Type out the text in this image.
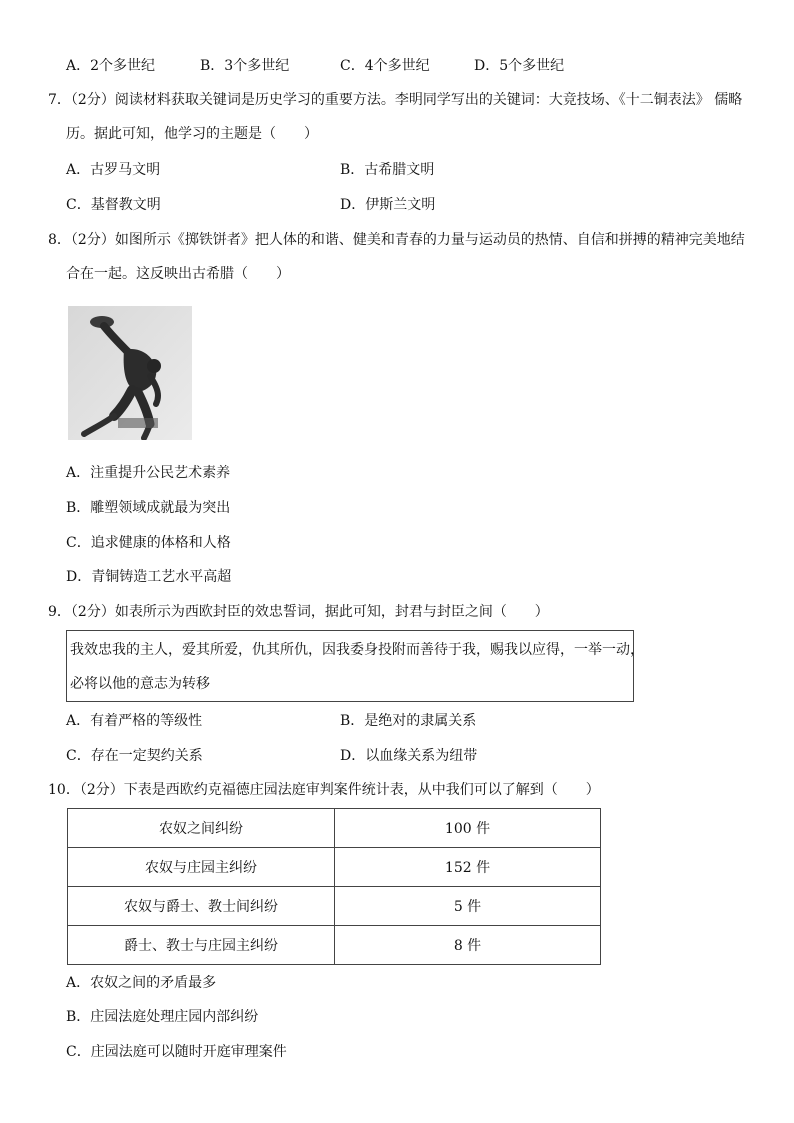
A．2个多世纪	B．3个多世纪	C．4个多世纪	D．5个多世纪
7．（2分）阅读材料获取关键词是历史学习的重要方法。李明同学写出的关键词：大竞技场、《十二铜表法》 儒略
历。据此可知，他学习的主题是（　　）
A．古罗马文明	B．古希腊文明
C．基督教文明	D．伊斯兰文明
8．（2分）如图所示《掷铁饼者》把人体的和谐、健美和青春的力量与运动员的热情、自信和拼搏的精神完美地结
合在一起。这反映出古希腊（　　）
A．注重提升公民艺术素养
B．雕塑领域成就最为突出
C．追求健康的体格和人格
D．青铜铸造工艺水平高超
9．（2分）如表所示为西欧封臣的效忠誓词，据此可知，封君与封臣之间（　　）
我效忠我的主人，爱其所爱，仇其所仇，因我委身投附而善待于我，赐我以应得，一举一动，
必将以他的意志为转移
A．有着严格的等级性	B．是绝对的隶属关系
C．存在一定契约关系	D．以血缘关系为纽带
10．（2分）下表是西欧约克福德庄园法庭审判案件统计表，从中我们可以了解到（　　）
农奴之间纠纷	100 件
农奴与庄园主纠纷	152 件
农奴与爵士、教士间纠纷	5 件
爵士、教士与庄园主纠纷	8 件
A．农奴之间的矛盾最多
B．庄园法庭处理庄园内部纠纷
C．庄园法庭可以随时开庭审理案件
